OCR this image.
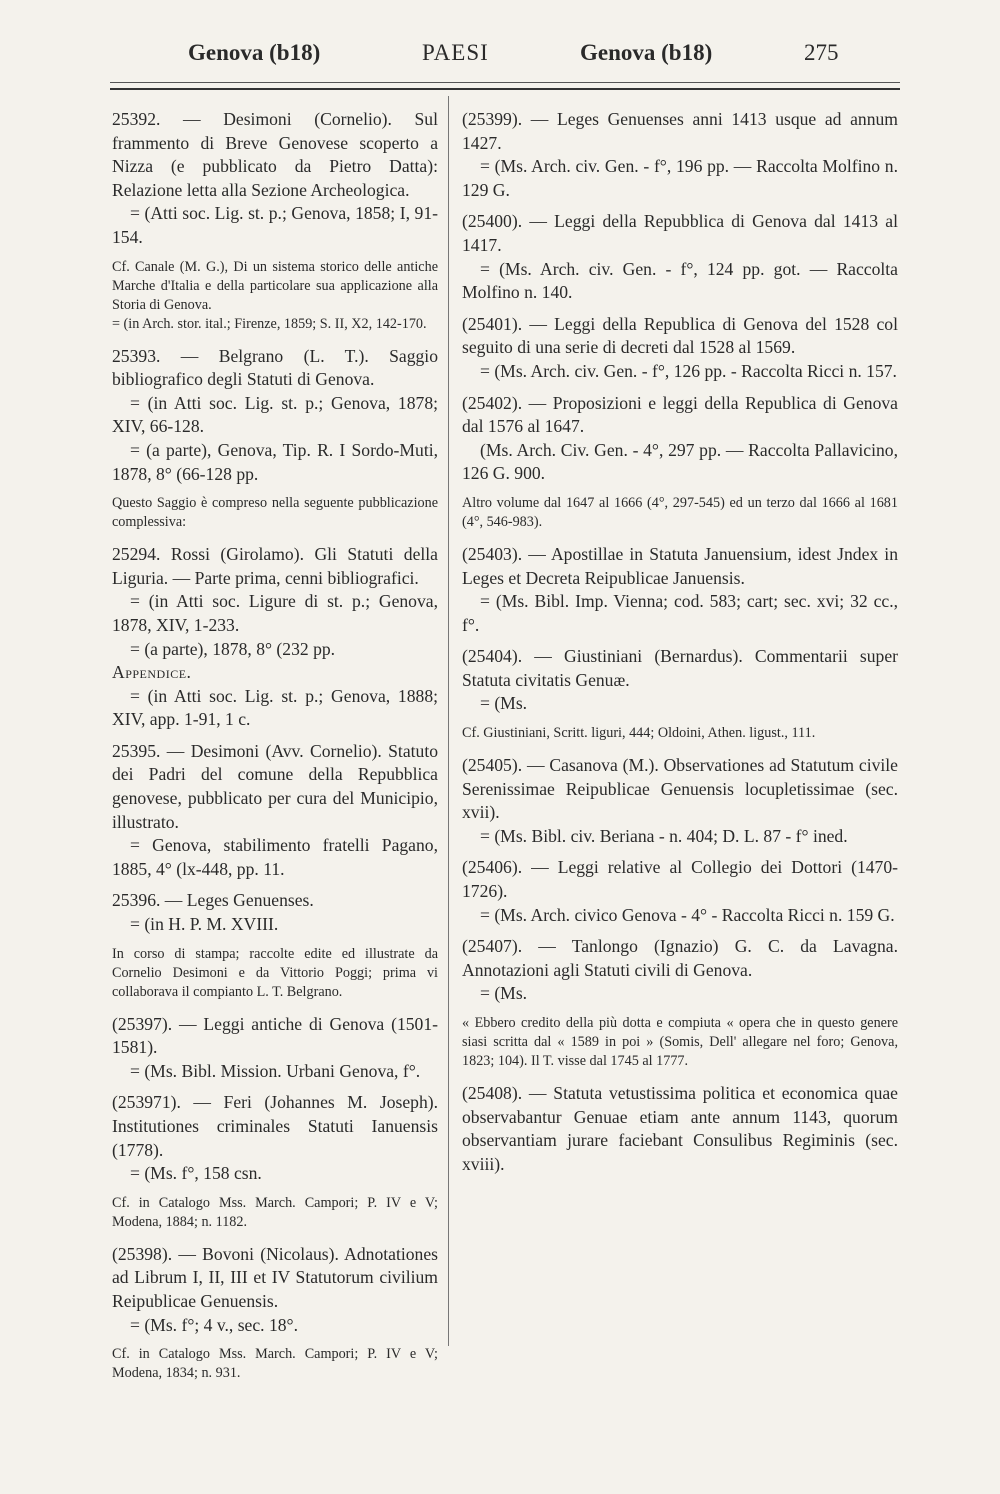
Genova (b18)	PAESI	Genova (b18)	275

25392. — Desimoni (Cornelio). Sul frammento di Breve Genovese scoperto a Nizza (e pubblicato da Pietro Datta): Relazione letta alla Sezione Archeologica.

= (Atti soc. Lig. st. p.; Genova, 1858; I, 91-154.

Cf. Canale (M. G.), Di un sistema storico delle antiche Marche d'Italia e della particolare sua applicazione alla Storia di Genova.

= (in Arch. stor. ital.; Firenze, 1859; S. II, X2, 142-170.

25393. — Belgrano (L. T.). Saggio bibliografico degli Statuti di Genova.

= (in Atti soc. Lig. st. p.; Genova, 1878; XIV, 66-128.

= (a parte), Genova, Tip. R. I Sordo-Muti, 1878, 8° (66-128 pp.

Questo Saggio è compreso nella seguente pubblicazione complessiva:

25294. Rossi (Girolamo). Gli Statuti della Liguria. — Parte prima, cenni bibliografici.

= (in Atti soc. Ligure di st. p.; Genova, 1878, XIV, 1-233.

= (a parte), 1878, 8° (232 pp.

Appendice.

= (in Atti soc. Lig. st. p.; Genova, 1888; XIV, app. 1-91, 1 c.

25395. — Desimoni (Avv. Cornelio). Statuto dei Padri del comune della Repubblica genovese, pubblicato per cura del Municipio, illustrato.

= Genova, stabilimento fratelli Pagano, 1885, 4° (lx-448, pp. 11.

25396. — Leges Genuenses.

= (in H. P. M. XVIII.

In corso di stampa; raccolte edite ed illustrate da Cornelio Desimoni e da Vittorio Poggi; prima vi collaborava il compianto L. T. Belgrano.

(25397). — Leggi antiche di Genova (1501-1581).

= (Ms. Bibl. Mission. Urbani Genova, f°.

(253971). — Feri (Johannes M. Joseph). Institutiones criminales Statuti Ianuensis (1778).

= (Ms. f°, 158 csn.

Cf. in Catalogo Mss. March. Campori; P. IV e V; Modena, 1884; n. 1182.

(25398). — Bovoni (Nicolaus). Adnotationes ad Librum I, II, III et IV Statutorum civilium Reipublicae Genuensis.

= (Ms. f°; 4 v., sec. 18°.

Cf. in Catalogo Mss. March. Campori; P. IV e V; Modena, 1834; n. 931.

(25399). — Leges Genuenses anni 1413 usque ad annum 1427.

= (Ms. Arch. civ. Gen. - f°, 196 pp. — Raccolta Molfino n. 129 G.

(25400). — Leggi della Repubblica di Genova dal 1413 al 1417.

= (Ms. Arch. civ. Gen. - f°, 124 pp. got. — Raccolta Molfino n. 140.

(25401). — Leggi della Republica di Genova del 1528 col seguito di una serie di decreti dal 1528 al 1569.

= (Ms. Arch. civ. Gen. - f°, 126 pp. - Raccolta Ricci n. 157.

(25402). — Proposizioni e leggi della Republica di Genova dal 1576 al 1647.

(Ms. Arch. Civ. Gen. - 4°, 297 pp. — Raccolta Pallavicino, 126 G. 900.

Altro volume dal 1647 al 1666 (4°, 297-545) ed un terzo dal 1666 al 1681 (4°, 546-983).

(25403). — Apostillae in Statuta Januensium, idest Jndex in Leges et Decreta Reipublicae Januensis.

= (Ms. Bibl. Imp. Vienna; cod. 583; cart; sec. xvi; 32 cc., f°.

(25404). — Giustiniani (Bernardus). Commentarii super Statuta civitatis Genuæ.

= (Ms.

Cf. Giustiniani, Scritt. liguri, 444; Oldoini, Athen. ligust., 111.

(25405). — Casanova (M.). Observationes ad Statutum civile Serenissimae Reipublicae Genuensis locupletissimae (sec. xvii).

= (Ms. Bibl. civ. Beriana - n. 404; D. L. 87 - f° ined.

(25406). — Leggi relative al Collegio dei Dottori (1470-1726).

= (Ms. Arch. civico Genova - 4° - Raccolta Ricci n. 159 G.

(25407). — Tanlongo (Ignazio) G. C. da Lavagna. Annotazioni agli Statuti civili di Genova.

= (Ms.

« Ebbero credito della più dotta e compiuta « opera che in questo genere siasi scritta dal « 1589 in poi » (Somis, Dell' allegare nel foro; Genova, 1823; 104). Il T. visse dal 1745 al 1777.

(25408). — Statuta vetustissima politica et economica quae observabantur Genuae etiam ante annum 1143, quorum observantiam jurare faciebant Consulibus Regiminis (sec. xviii).
